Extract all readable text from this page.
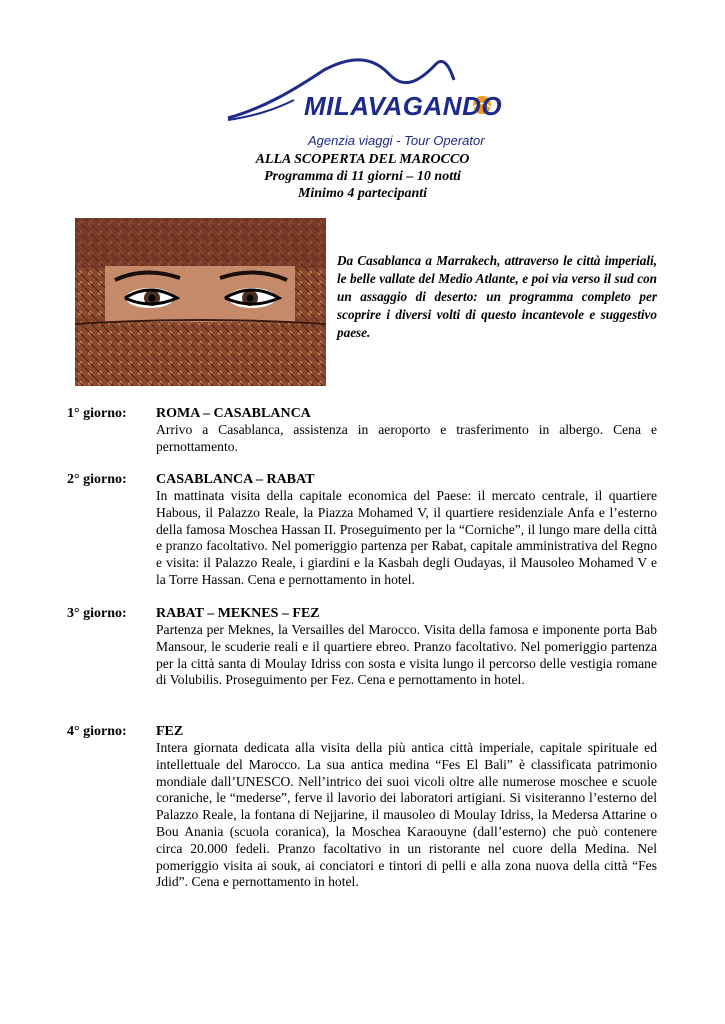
MILAVAGANDO
Agenzia viaggi - Tour Operator
ALLA SCOPERTA DEL MAROCCO
Programma di 11 giorni – 10 notti
Minimo 4 partecipanti
Da Casablanca a Marrakech, attraverso le città imperiali, le belle vallate del Medio Atlante, e poi via verso il sud con un assaggio di deserto: un programma completo per scoprire i diversi volti di questo incantevole e suggestivo paese.
1° giorno: ROMA – CASABLANCA
Arrivo a Casablanca, assistenza in aeroporto e trasferimento in albergo. Cena e pernottamento.
2° giorno: CASABLANCA – RABAT
In mattinata visita della capitale economica del Paese: il mercato centrale, il quartiere Habous, il Palazzo Reale, la Piazza Mohamed V, il quartiere residenziale Anfa e l’esterno della famosa Moschea Hassan II. Proseguimento per la “Corniche”, il lungo mare della città e pranzo facoltativo. Nel pomeriggio partenza per Rabat, capitale amministrativa del Regno e visita: il Palazzo Reale, i giardini e la Kasbah degli Oudayas, il Mausoleo Mohamed V e la Torre Hassan. Cena e pernottamento in hotel.
3° giorno: RABAT – MEKNES – FEZ
Partenza per Meknes, la Versailles del Marocco. Visita della famosa e imponente porta Bab Mansour, le scuderie reali e il quartiere ebreo. Pranzo facoltativo. Nel pomeriggio partenza per la città santa di Moulay Idriss con sosta e visita lungo il percorso delle vestigia romane di Volubilis. Proseguimento per Fez. Cena e pernottamento in hotel.
4° giorno: FEZ
Intera giornata dedicata alla visita della più antica città imperiale, capitale spirituale ed intellettuale del Marocco. La sua antica medina “Fes El Bali” è classificata patrimonio mondiale dall’UNESCO. Nell’intrico dei suoi vicoli oltre alle numerose moschee e scuole coraniche, le “mederse”, ferve il lavorio dei laboratori artigiani. Si visiteranno l’esterno del Palazzo Reale, la fontana di Nejjarine, il mausoleo di Moulay Idriss, la Medersa Attarine o Bou Anania (scuola coranica), la Moschea Karaouyne (dall’esterno) che può contenere circa 20.000 fedeli. Pranzo facoltativo in un ristorante nel cuore della Medina. Nel pomeriggio visita ai souk, ai conciatori e tintori di pelli e alla zona nuova della città “Fes Jdid”. Cena e pernottamento in hotel.
